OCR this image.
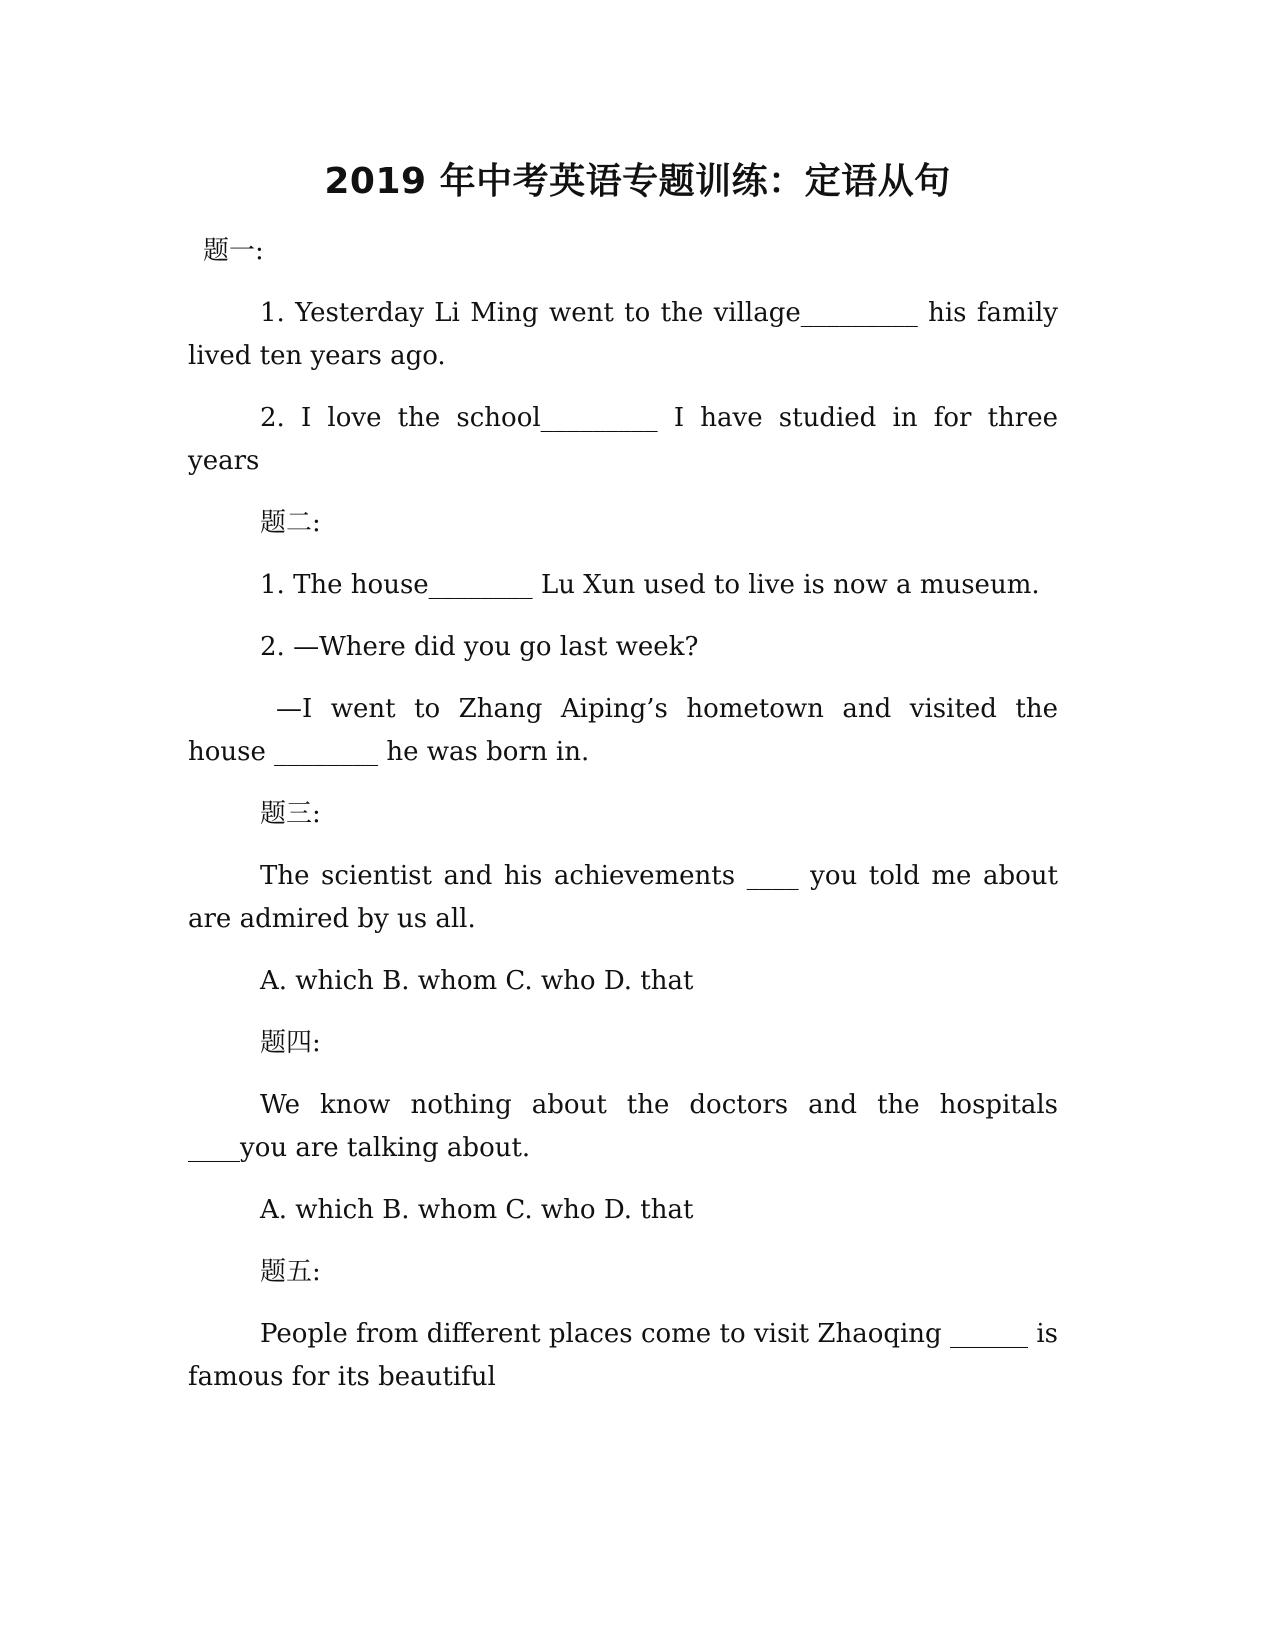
2019 年中考英语专题训练：定语从句

题一:

1. Yesterday Li Ming went to the village_________ his family lived ten years ago.

2. I love the school_________ I have studied in for three years

题二:

1. The house________ Lu Xun used to live is now a museum.

2. —Where did you go last week?

—I went to Zhang Aiping’s hometown and visited the house ________ he was born in.

题三:

The scientist and his achievements ____ you told me about are admired by us all.

A. which B. whom C. who D. that

题四:

We know nothing about the doctors and the hospitals ____you are talking about.

A. which B. whom C. who D. that

题五:

People from different places come to visit Zhaoqing ______ is famous for its beautiful
